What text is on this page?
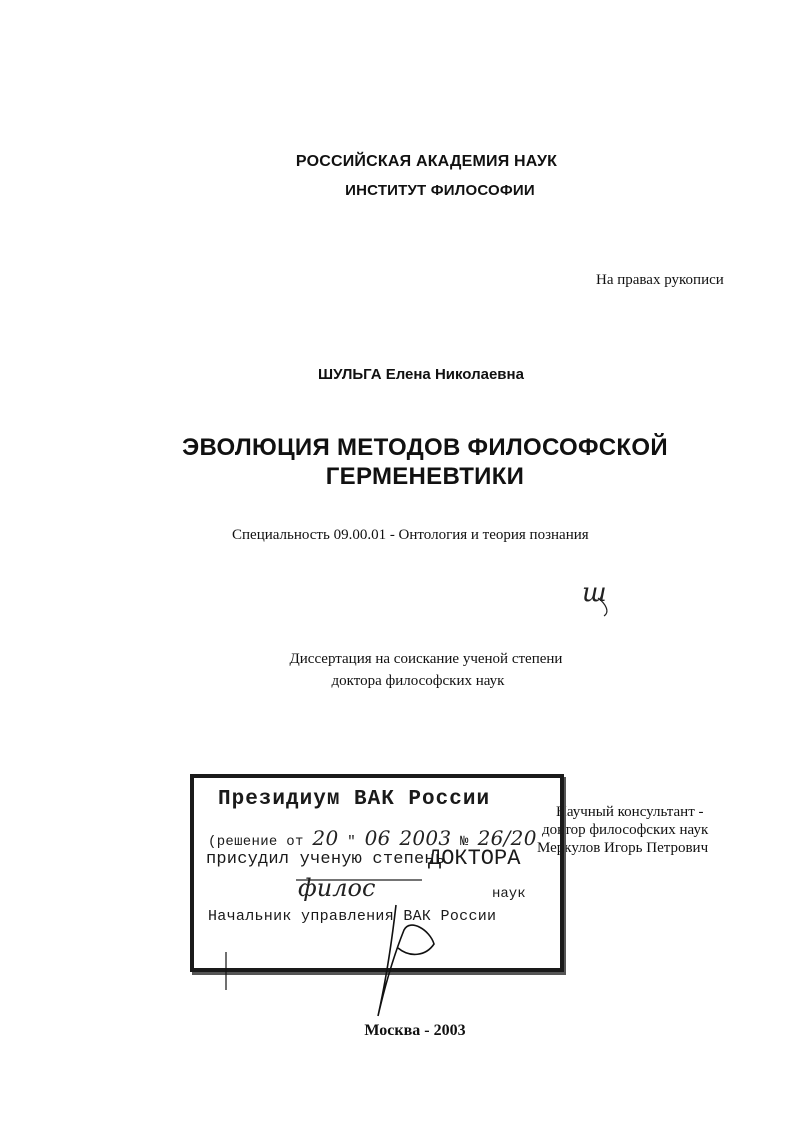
РОССИЙСКАЯ АКАДЕМИЯ НАУК
ИНСТИТУТ ФИЛОСОФИИ
На правах рукописи
ШУЛЬГА Елена Николаевна
ЭВОЛЮЦИЯ МЕТОДОВ ФИЛОСОФСКОЙ
ГЕРМЕНЕВТИКИ
Специальность 09.00.01 - Онтология и теория познания
ш
Диссертация на соискание ученой степени
доктора философских наук
Научный консультант -
доктор философских наук
Меркулов Игорь Петрович
Президиум ВАК России
(решение от 20 " 06 2003 № 26/20
присудил ученую степень
ДОКТОРА
филос	наук
Начальник управления ВАК России
Москва - 2003
